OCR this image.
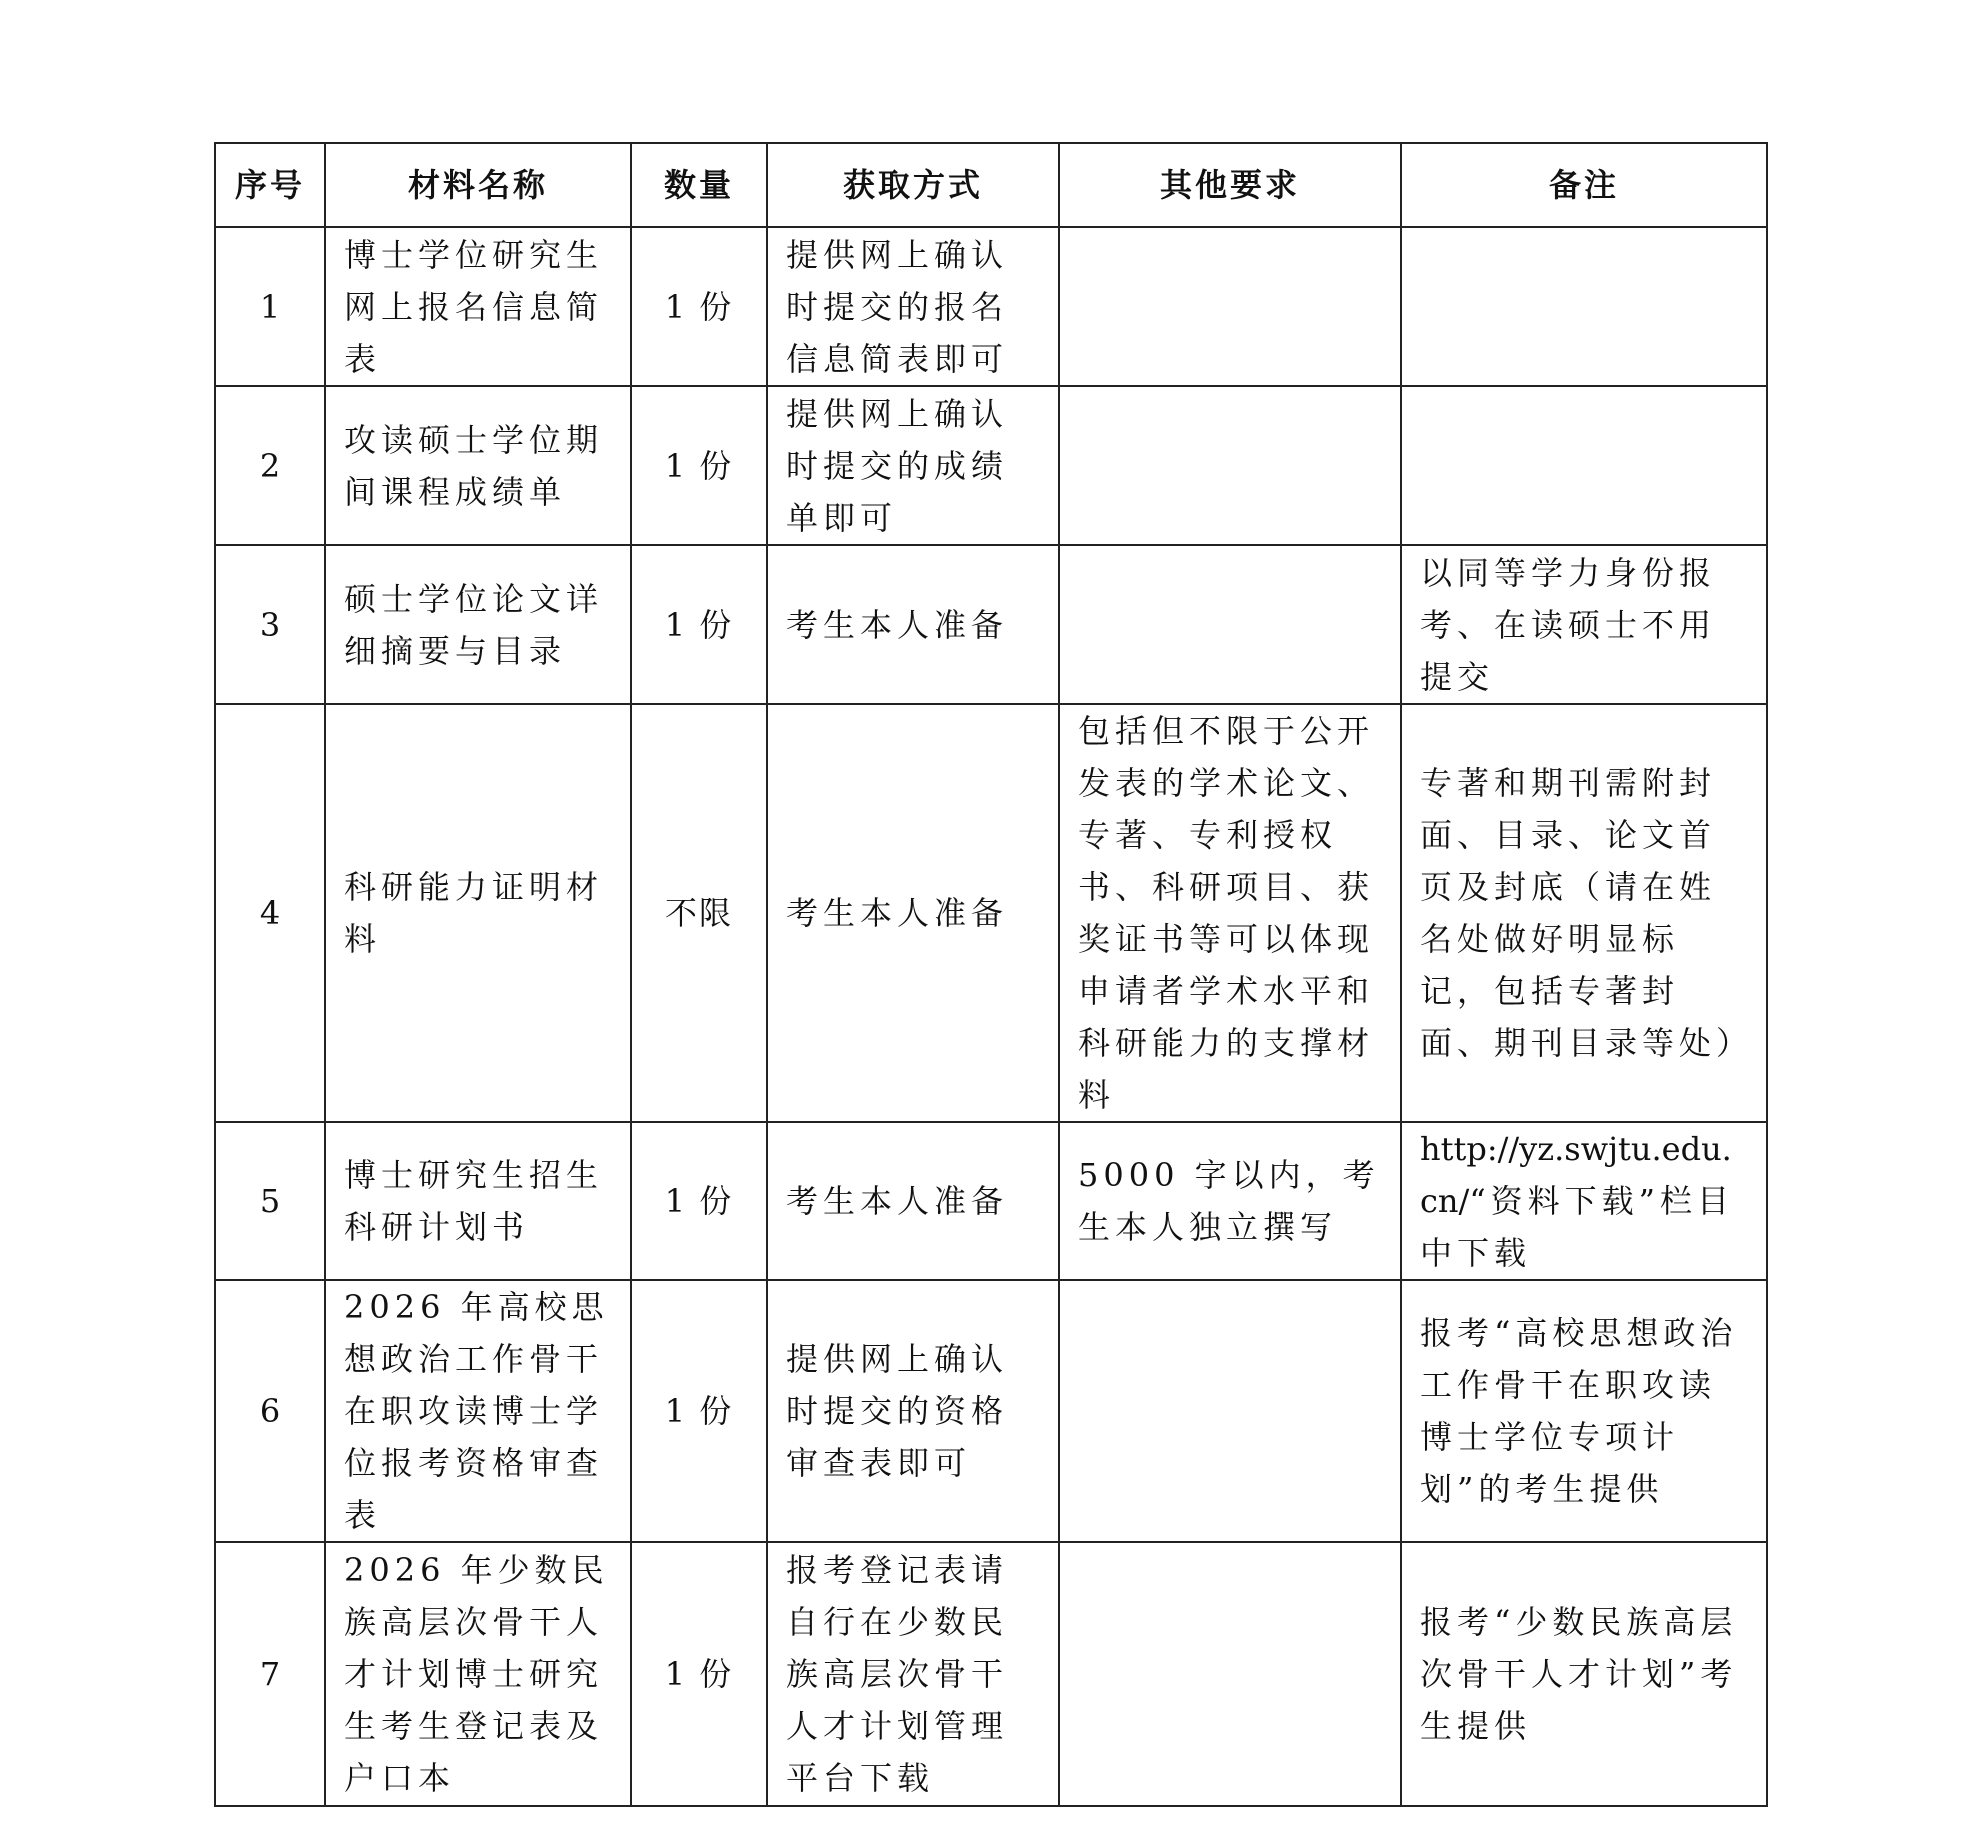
序号	材料名称	数量	获取方式	其他要求	备注
1	博士学位研究生网上报名信息简表	1 份	提供网上确认时提交的报名信息简表即可		
2	攻读硕士学位期间课程成绩单	1 份	提供网上确认时提交的成绩单即可		
3	硕士学位论文详细摘要与目录	1 份	考生本人准备		以同等学力身份报考、在读硕士不用提交
4	科研能力证明材料	不限	考生本人准备	包括但不限于公开发表的学术论文、专著、专利授权书、科研项目、获奖证书等可以体现申请者学术水平和科研能力的支撑材料	专著和期刊需附封面、目录、论文首页及封底（请在姓名处做好明显标记，包括专著封面、期刊目录等处）
5	博士研究生招生科研计划书	1 份	考生本人准备	5000 字以内，考生本人独立撰写	http://yz.swjtu.edu.cn/“资料下载”栏目中下载
6	2026 年高校思想政治工作骨干在职攻读博士学位报考资格审查表	1 份	提供网上确认时提交的资格审查表即可		报考“高校思想政治工作骨干在职攻读博士学位专项计划”的考生提供
7	2026 年少数民族高层次骨干人才计划博士研究生考生登记表及户口本	1 份	报考登记表请自行在少数民族高层次骨干人才计划管理平台下载		报考“少数民族高层次骨干人才计划”考生提供
